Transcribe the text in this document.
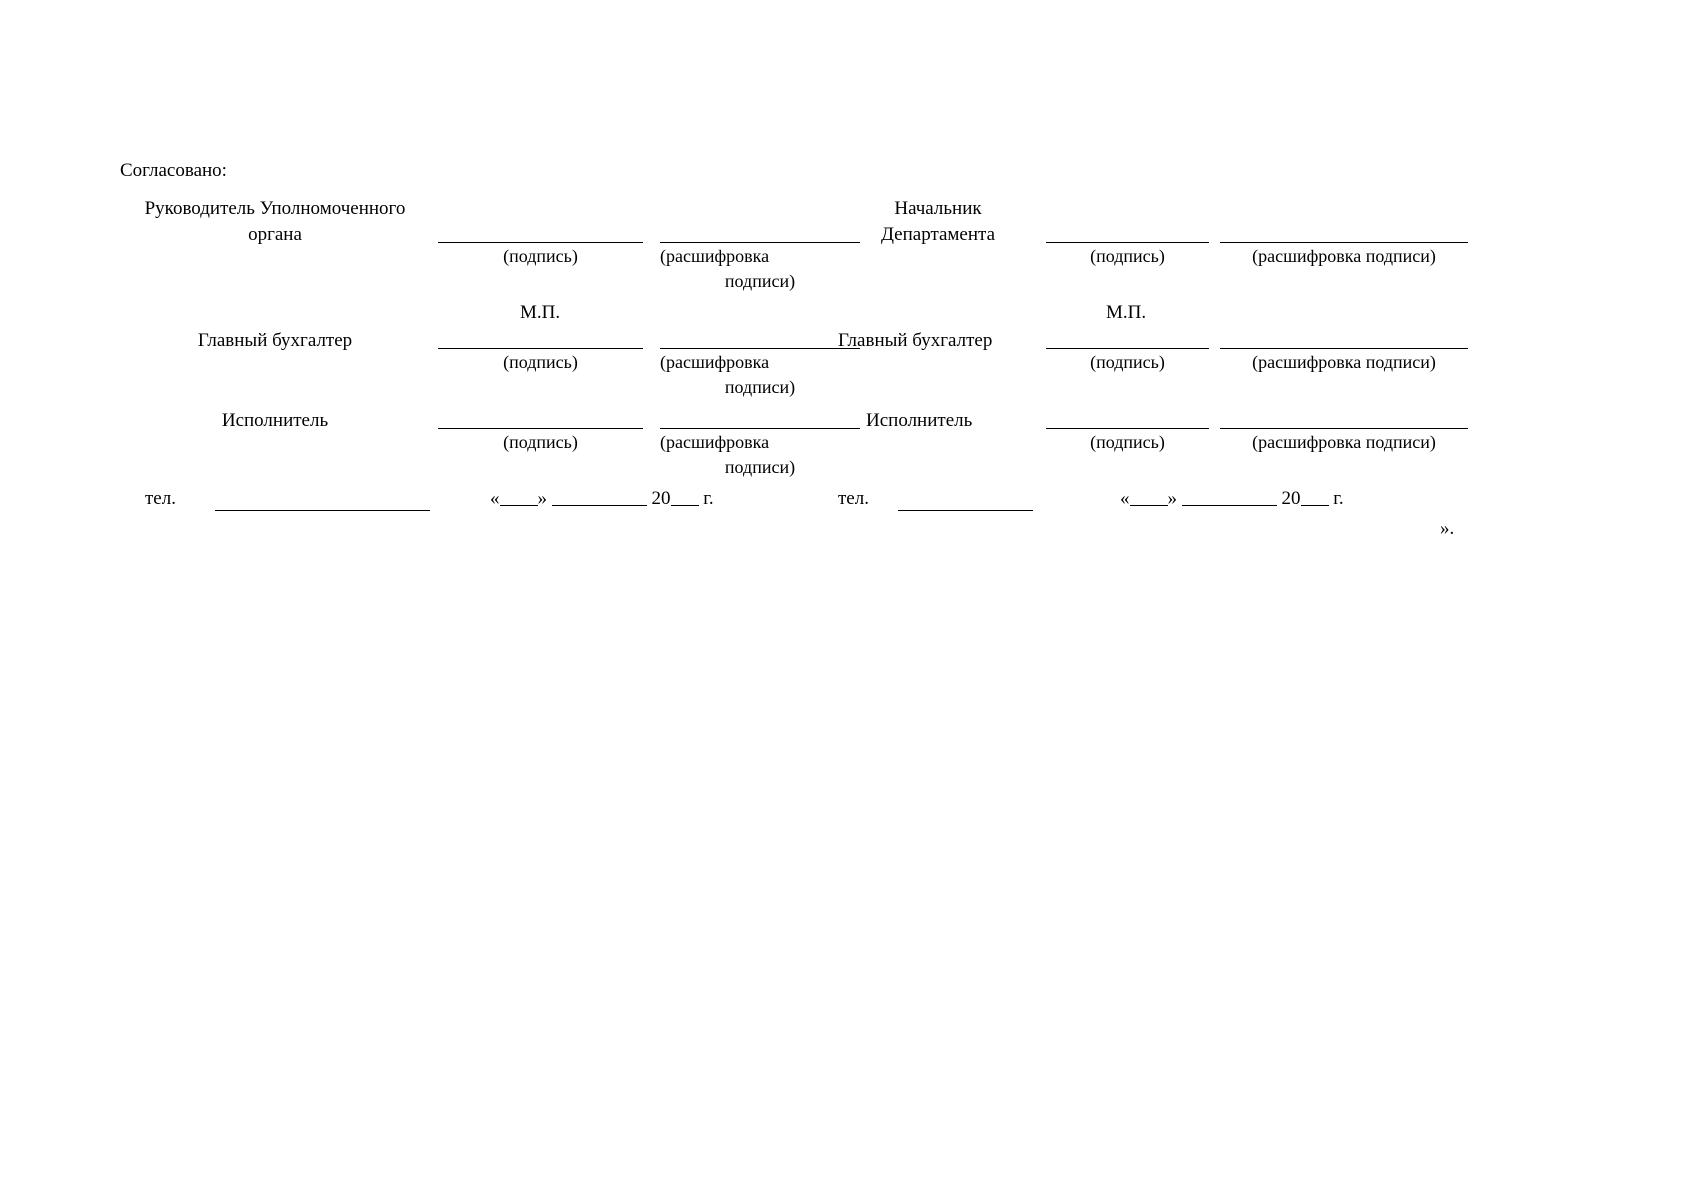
Согласовано:
Руководитель Уполномоченного
органа
(подпись)	(расшифровка
подписи)
М.П.
Главный бухгалтер
(подпись)	(расшифровка
подписи)
Исполнитель
(подпись)	(расшифровка
подписи)
тел.	« »	20 г.
Начальник
Департамента
(подпись)	(расшифровка подписи)
М.П.
Главный бухгалтер
(подпись)	(расшифровка подписи)
Исполнитель
(подпись)	(расшифровка подписи)
тел.	« »	20 г.
».
